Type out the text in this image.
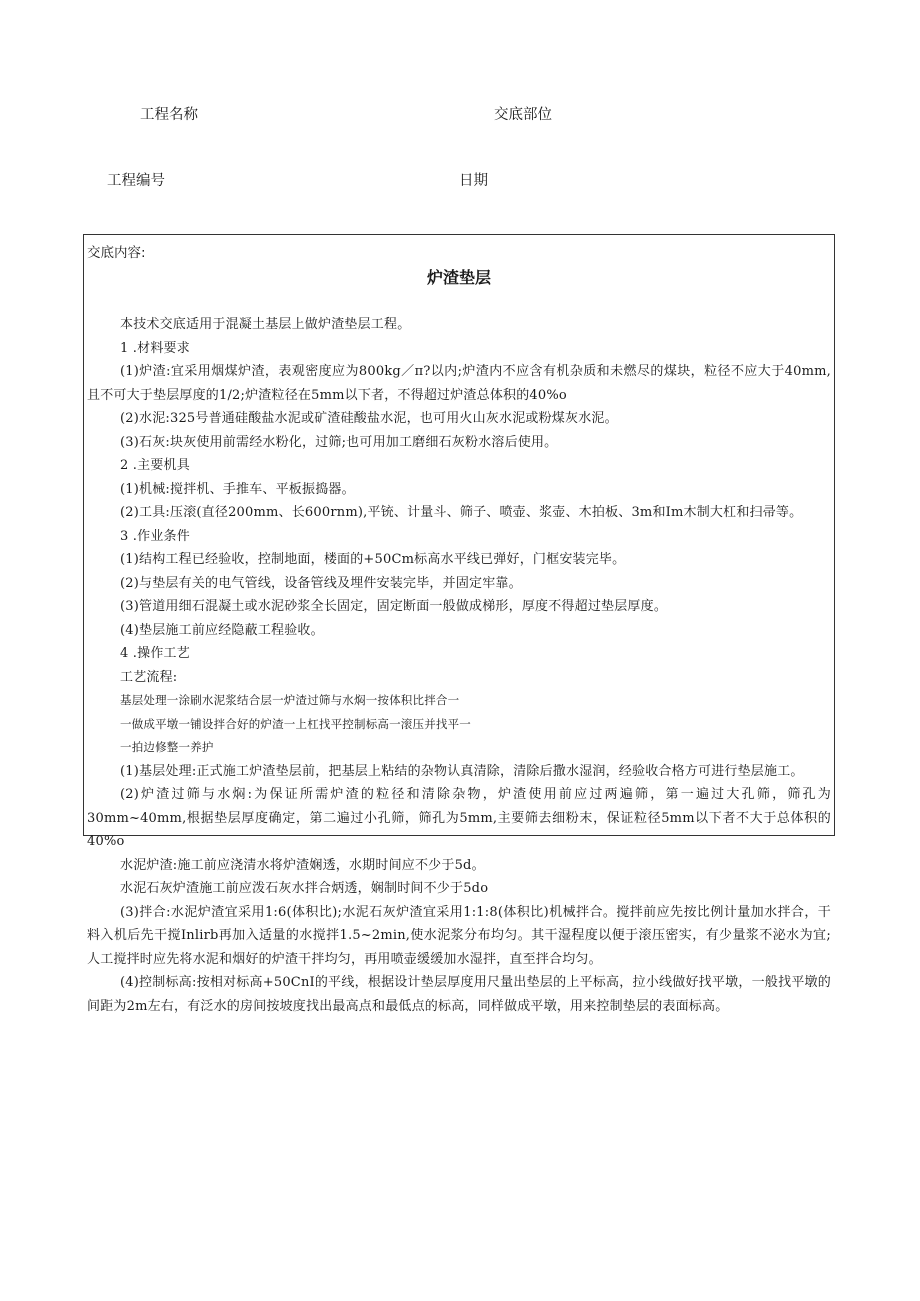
工程名称	交底部位
工程编号	日期
交底内容:
炉渣垫层
本技术交底适用于混凝土基层上做炉渣垫层工程。
1 .材料要求
(1)炉渣:宜采用烟煤炉渣，表观密度应为800kg／π?以内;炉渣内不应含有机杂质和未燃尽的煤块，粒径不应大于40mm,且不可大于垫层厚度的1/2;炉渣粒径在5mm以下者，不得超过炉渣总体积的40%o
(2)水泥:325号普通硅酸盐水泥或矿渣硅酸盐水泥，也可用火山灰水泥或粉煤灰水泥。
(3)石灰:块灰使用前需经水粉化，过筛;也可用加工磨细石灰粉水溶后使用。
2 .主要机具
(1)机械:搅拌机、手推车、平板振捣器。
(2)工具:压滚(直径200mm、长600rnm),平铳、计量斗、筛子、喷壶、浆壶、木拍板、3m和Im木制大杠和扫帚等。
3 .作业条件
(1)结构工程已经验收，控制地面，楼面的+50Cm标高水平线已弹好，门框安装完毕。
(2)与垫层有关的电气管线，设备管线及埋件安装完毕，并固定牢靠。
(3)管道用细石混凝土或水泥砂浆全长固定，固定断面一般做成梯形，厚度不得超过垫层厚度。
(4)垫层施工前应经隐蔽工程验收。
4 .操作工艺
工艺流程:
基层处理一涂刷水泥浆结合层一炉渣过筛与水焖一按体积比拌合一
一做成平墩一铺设拌合好的炉渣一上杠找平控制标高一滚压并找平一
一拍边修整一养护
(1)基层处理:正式施工炉渣垫层前，把基层上粘结的杂物认真清除，清除后撒水湿润，经验收合格方可进行垫层施工。
(2)炉渣过筛与水焖:为保证所需炉渣的粒径和清除杂物，炉渣使用前应过两遍筛，第一遍过大孔筛，筛孔为30mm~40mm,根据垫层厚度确定，第二遍过小孔筛，筛孔为5mm,主要筛去细粉末，保证粒径5mm以下者不大于总体积的40%o
水泥炉渣:施工前应浇清水将炉渣娴透，水期时间应不少于5d。
水泥石灰炉渣施工前应泼石灰水拌合炳透，娴制时间不少于5do
(3)拌合:水泥炉渣宜采用1:6(体积比);水泥石灰炉渣宜采用1:1:8(体积比)机械拌合。搅拌前应先按比例计量加水拌合，干料入机后先干搅Inlirb再加入适量的水搅拌1.5~2min,使水泥浆分布均匀。其干湿程度以便于滚压密实，有少量浆不泌水为宜;人工搅拌时应先将水泥和烟好的炉渣干拌均匀，再用喷壶缓缓加水湿拌，直至拌合均匀。
(4)控制标高:按相对标高+50CnI的平线，根据设计垫层厚度用尺量出垫层的上平标高，拉小线做好找平墩，一般找平墩的间距为2m左右，有泛水的房间按坡度找出最高点和最低点的标高，同样做成平墩，用来控制垫层的表面标高。
